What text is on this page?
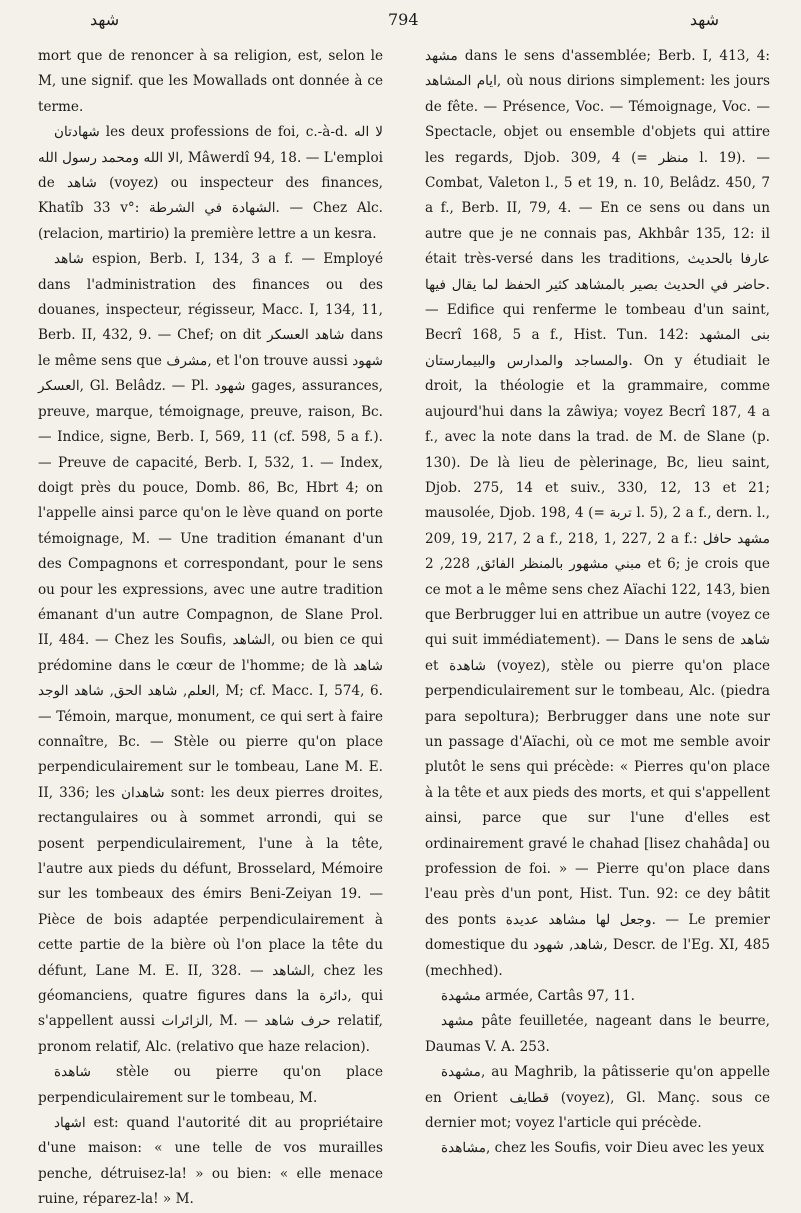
شهد	794	شهد

mort que de renoncer à sa religion, est, selon le M, une signif. que les Mowallads ont donnée à ce terme.

شهادتان les deux professions de foi, c.-à-d. لا اله الا الله ومحمد رسول الله, Mâwerdî 94, 18. — L'emploi de شاهد (voyez) ou inspecteur des finances, Khatîb 33 v°: الشهادة في الشرطة. — Chez Alc. (relacion, martirio) la première lettre a un kesra.

شاهد espion, Berb. I, 134, 3 a f. — Employé dans l'administration des finances ou des douanes, inspecteur, régisseur, Macc. I, 134, 11, Berb. II, 432, 9. — Chef; on dit شاهد العسكر dans le même sens que مشرف, et l'on trouve aussi شهود العسكر, Gl. Belâdz. — Pl. شهود gages, assurances, preuve, marque, témoignage, preuve, raison, Bc. — Indice, signe, Berb. I, 569, 11 (cf. 598, 5 a f.). — Preuve de capacité, Berb. I, 532, 1. — Index, doigt près du pouce, Domb. 86, Bc, Hbrt 4; on l'appelle ainsi parce qu'on le lève quand on porte témoignage, M. — Une tradition émanant d'un des Compagnons et correspondant, pour le sens ou pour les expressions, avec une autre tradition émanant d'un autre Compagnon, de Slane Prol. II, 484. — Chez les Soufis, الشاهد, ou bien ce qui prédomine dans le cœur de l'homme; de là شاهد العلم, شاهد الحق, شاهد الوجد, M; cf. Macc. I, 574, 6. — Témoin, marque, monument, ce qui sert à faire connaître, Bc. — Stèle ou pierre qu'on place perpendiculairement sur le tombeau, Lane M. E. II, 336; les شاهدان sont: les deux pierres droites, rectangulaires ou à sommet arrondi, qui se posent perpendiculairement, l'une à la tête, l'autre aux pieds du défunt, Brosselard, Mémoire sur les tombeaux des émirs Beni-Zeiyan 19. — Pièce de bois adaptée perpendiculairement à cette partie de la bière où l'on place la tête du défunt, Lane M. E. II, 328. — الشاهد, chez les géomanciens, quatre figures dans la دائرة, qui s'appellent aussi الزائرات, M. — حرف شاهد relatif, pronom relatif, Alc. (relativo que haze relacion).

شاهدة stèle ou pierre qu'on place perpendiculairement sur le tombeau, M.

اشهاد est: quand l'autorité dit au propriétaire d'une maison: « une telle de vos murailles penche, détruisez-la! » ou bien: « elle menace ruine, réparez-la! » M.

مشهد dans le sens d'assemblée; Berb. I, 413, 4: ايام المشاهد, où nous dirions simplement: les jours de fête. — Présence, Voc. — Témoignage, Voc. — Spectacle, objet ou ensemble d'objets qui attire les regards, Djob. 309, 4 (= منظر l. 19). — Combat, Valeton l., 5 et 19, n. 10, Belâdz. 450, 7 a f., Berb. II, 79, 4. — En ce sens ou dans un autre que je ne connais pas, Akhbâr 135, 12: il était très-versé dans les traditions, عارفا بالحديث حاضر في الحديث بصير بالمشاهد كثير الحفظ لما يقال فيها. — Edifice qui renferme le tombeau d'un saint, Becrî 168, 5 a f., Hist. Tun. 142: بنى المشهد والمساجد والمدارس والبيمارستان. On y étudiait le droit, la théologie et la grammaire, comme aujourd'hui dans la zâwiya; voyez Becrî 187, 4 a f., avec la note dans la trad. de M. de Slane (p. 130). De là lieu de pèlerinage, Bc, lieu saint, Djob. 275, 14 et suiv., 330, 12, 13 et 21; mausolée, Djob. 198, 4 (= تربة l. 5), 2 a f., dern. l., 209, 19, 217, 2 a f., 218, 1, 227, 2 a f.: مشهد حافل مبني مشهور بالمنظر الفائق, 228, 2 et 6; je crois que ce mot a le même sens chez Aïachi 122, 143, bien que Berbrugger lui en attribue un autre (voyez ce qui suit immédiatement). — Dans le sens de شاهد et شاهدة (voyez), stèle ou pierre qu'on place perpendiculairement sur le tombeau, Alc. (piedra para sepoltura); Berbrugger dans une note sur un passage d'Aïachi, où ce mot me semble avoir plutôt le sens qui précède: « Pierres qu'on place à la tête et aux pieds des morts, et qui s'appellent ainsi, parce que sur l'une d'elles est ordinairement gravé le chahad [lisez chahâda] ou profession de foi. » — Pierre qu'on place dans l'eau près d'un pont, Hist. Tun. 92: ce dey bâtit des ponts وجعل لها مشاهد عديدة. — Le premier domestique du شاهد, شهود, Descr. de l'Eg. XI, 485 (mechhed).

مشهدة armée, Cartâs 97, 11.

مشهد pâte feuilletée, nageant dans le beurre, Daumas V. A. 253.

مشهدة, au Maghrib, la pâtisserie qu'on appelle en Orient قطايف (voyez), Gl. Manç. sous ce dernier mot; voyez l'article qui précède.

مشاهدة, chez les Soufis, voir Dieu avec les yeux
